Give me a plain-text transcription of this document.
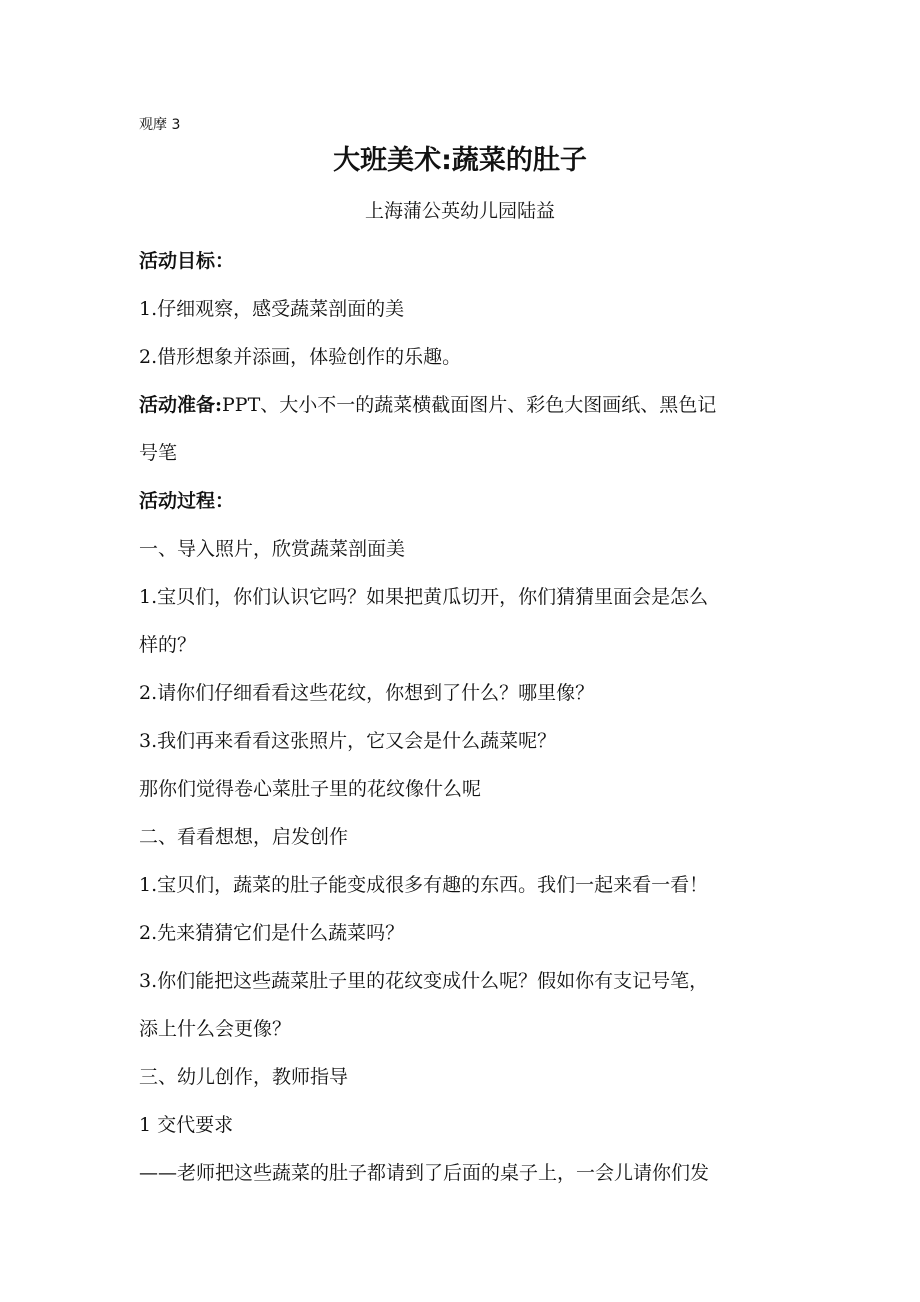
观摩 3
大班美术:蔬菜的肚子
上海蒲公英幼儿园陆益
活动目标：
1.仔细观察，感受蔬菜剖面的美
2.借形想象并添画，体验创作的乐趣。
活动准备:PPT、大小不一的蔬菜横截面图片、彩色大图画纸、黑色记
号笔
活动过程：
一、导入照片，欣赏蔬菜剖面美
1.宝贝们，你们认识它吗？如果把黄瓜切开，你们猜猜里面会是怎么
样的？
2.请你们仔细看看这些花纹，你想到了什么？哪里像？
3.我们再来看看这张照片，它又会是什么蔬菜呢？
那你们觉得卷心菜肚子里的花纹像什么呢
二、看看想想，启发创作
1.宝贝们，蔬菜的肚子能变成很多有趣的东西。我们一起来看一看！
2.先来猜猜它们是什么蔬菜吗？
3.你们能把这些蔬菜肚子里的花纹变成什么呢？假如你有支记号笔，
添上什么会更像？
三、幼儿创作，教师指导
1 交代要求
——老师把这些蔬菜的肚子都请到了后面的桌子上，一会儿请你们发
